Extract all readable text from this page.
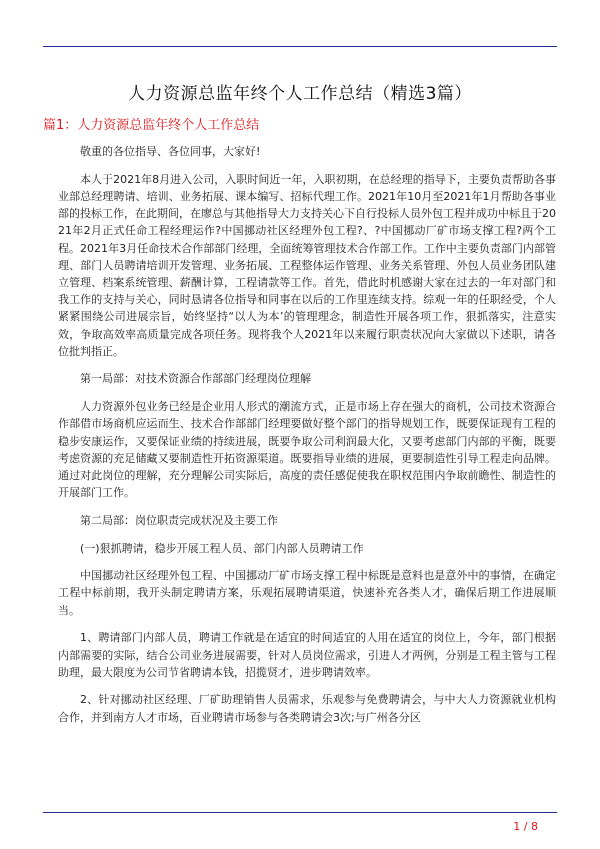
人力资源总监年终个人工作总结（精选3篇）
篇1：人力资源总监年终个人工作总结

敬重的各位指导、各位同事，大家好!

本人于2021年8月进入公司，入职时间近一年，入职初期，在总经理的指导下，主要负责帮助各事业部总经理聘请、培训、业务拓展、课本编写、招标代理工作。2021年10月至2021年1月帮助各事业部的投标工作，在此期间，在廖总与其他指导大力支持关心下自行投标人员外包工程并成功中标且于2021年2月正式任命工程经理运作?中国挪动社区经理外包工程?、?中国挪动厂矿市场支撑工程?两个工程。2021年3月任命技术合作部部门经理，全面统筹管理技术合作部工作。工作中主要负责部门内部管理、部门人员聘请培训开发管理、业务拓展、工程整体运作管理、业务关系管理、外包人员业务团队建立管理、档案系统管理、薪酬计算，工程请款等工作。首先，借此时机感谢大家在过去的一年对部门和我工作的支持与关心，同时恳请各位指导和同事在以后的工作里连续支持。综观一年的任职经受，个人紧紧围绕公司进展宗旨，始终坚持“以人为本’的管理理念，制造性开展各项工作，狠抓落实，注意实效，争取高效率高质量完成各项任务。现将我个人2021年以来履行职责状况向大家做以下述职，请各位批判指正。

第一局部：对技术资源合作部部门经理岗位理解

人力资源外包业务已经是企业用人形式的潮流方式，正是市场上存在强大的商机，公司技术资源合作部借市场商机应运而生、技术合作部部门经理要做好整个部门的指导规划工作，既要保证现有工程的稳步安康运作，又要保证业绩的持续进展，既要争取公司利润最大化，又要考虑部门内部的平衡，既要考虑资源的充足储藏又要制造性开拓资源渠道。既要指导业绩的进展，更要制造性引导工程走向品牌。通过对此岗位的理解，充分理解公司实际后，高度的责任感促使我在职权范围内争取前瞻性、制造性的开展部门工作。

第二局部：岗位职责完成状况及主要工作

(一)狠抓聘请，稳步开展工程人员、部门内部人员聘请工作

中国挪动社区经理外包工程、中国挪动厂矿市场支撑工程中标既是意料也是意外中的事情，在确定工程中标前期，我开头制定聘请方案，乐观拓展聘请渠道，快速补充各类人才，确保后期工作进展顺当。

1、聘请部门内部人员，聘请工作就是在适宜的时间适宜的人用在适宜的岗位上，今年，部门根据内部需要的实际，结合公司业务进展需要，针对人员岗位需求，引进人才两例，分别是工程主管与工程助理，最大限度为公司节省聘请本钱，招揽贤才，进步聘请效率。

2、针对挪动社区经理、厂矿助理销售人员需求，乐观参与免费聘请会，与中大人力资源就业机构合作，并到南方人才市场，百业聘请市场参与各类聘请会3次;与广州各分区

1 / 8
